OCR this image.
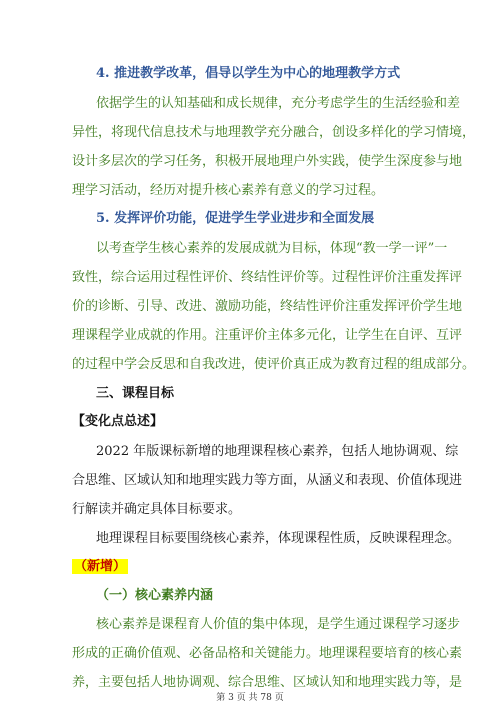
4. 推进教学改革，倡导以学生为中心的地理教学方式
依据学生的认知基础和成长规律，充分考虑学生的生活经验和差
异性，将现代信息技术与地理教学充分融合，创设多样化的学习情境，
设计多层次的学习任务，积极开展地理户外实践，使学生深度参与地
理学习活动，经历对提升核心素养有意义的学习过程。
5. 发挥评价功能，促进学生学业进步和全面发展
以考查学生核心素养的发展成就为目标，体现“教一学一评”一
致性，综合运用过程性评价、终结性评价等。过程性评价注重发挥评
价的诊断、引导、改进、激励功能，终结性评价注重发挥评价学生地
理课程学业成就的作用。注重评价主体多元化，让学生在自评、互评
的过程中学会反思和自我改进，使评价真正成为教育过程的组成部分。
三、课程目标
【变化点总述】
2022 年版课标新增的地理课程核心素养，包括人地协调观、综
合思维、区域认知和地理实践力等方面，从涵义和表现、价值体现进
行解读并确定具体目标要求。
地理课程目标要围绕核心素养，体现课程性质，反映课程理念。
（新增）
（一）核心素养内涵
核心素养是课程育人价值的集中体现，是学生通过课程学习逐步
形成的正确价值观、必备品格和关键能力。地理课程要培育的核心素
养，主要包括人地协调观、综合思维、区域认知和地理实践力等，是
第 3 页 共 78 页
